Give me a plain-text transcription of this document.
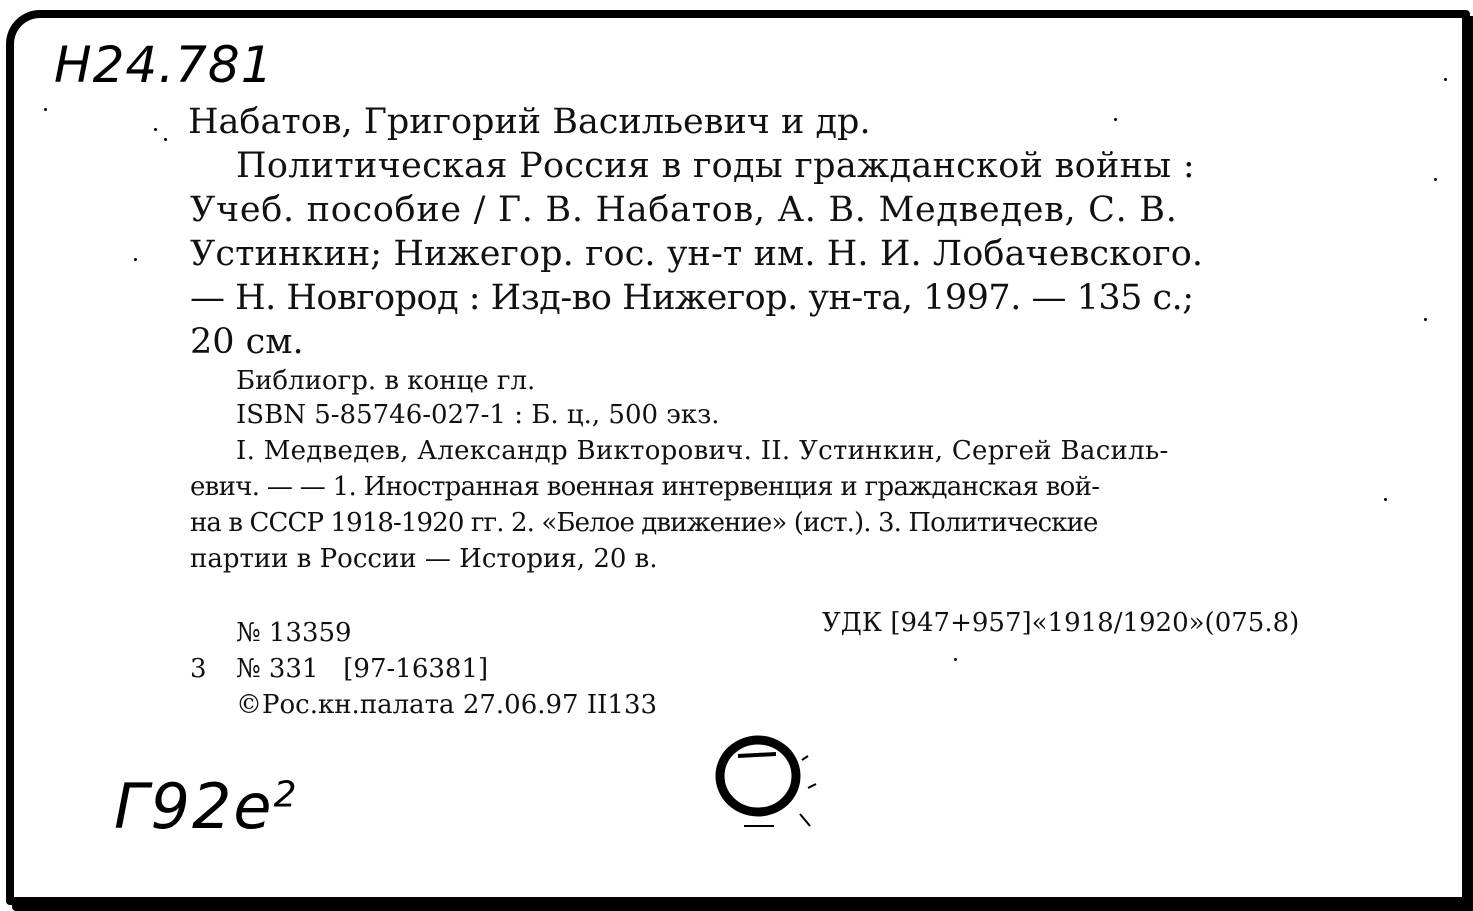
Н24.781
Набатов, Григорий Васильевич и др.
Политическая Россия в годы гражданской войны :
Учеб. пособие / Г. В. Набатов, А. В. Медведев, С. В.
Устинкин; Нижегор. гос. ун-т им. Н. И. Лобачевского.
— Н. Новгород : Изд-во Нижегор. ун-та, 1997. — 135 с.;
20 см.
Библиогр. в конце гл.
ISBN 5-85746-027-1 : Б. ц., 500 экз.
I. Медведев, Александр Викторович. II. Устинкин, Сергей Василь-
евич. — — 1. Иностранная военная интервенция и гражданская вой-
на в СССР 1918-1920 гг. 2. «Белое движение» (ист.). 3. Политические
партии в России — История, 20 в.
№ 13359	УДК [947+957]«1918/1920»(075.8)
3 № 331   [97-16381]
©Рос.кн.палата 27.06.97 II133
$Г92е^2$
